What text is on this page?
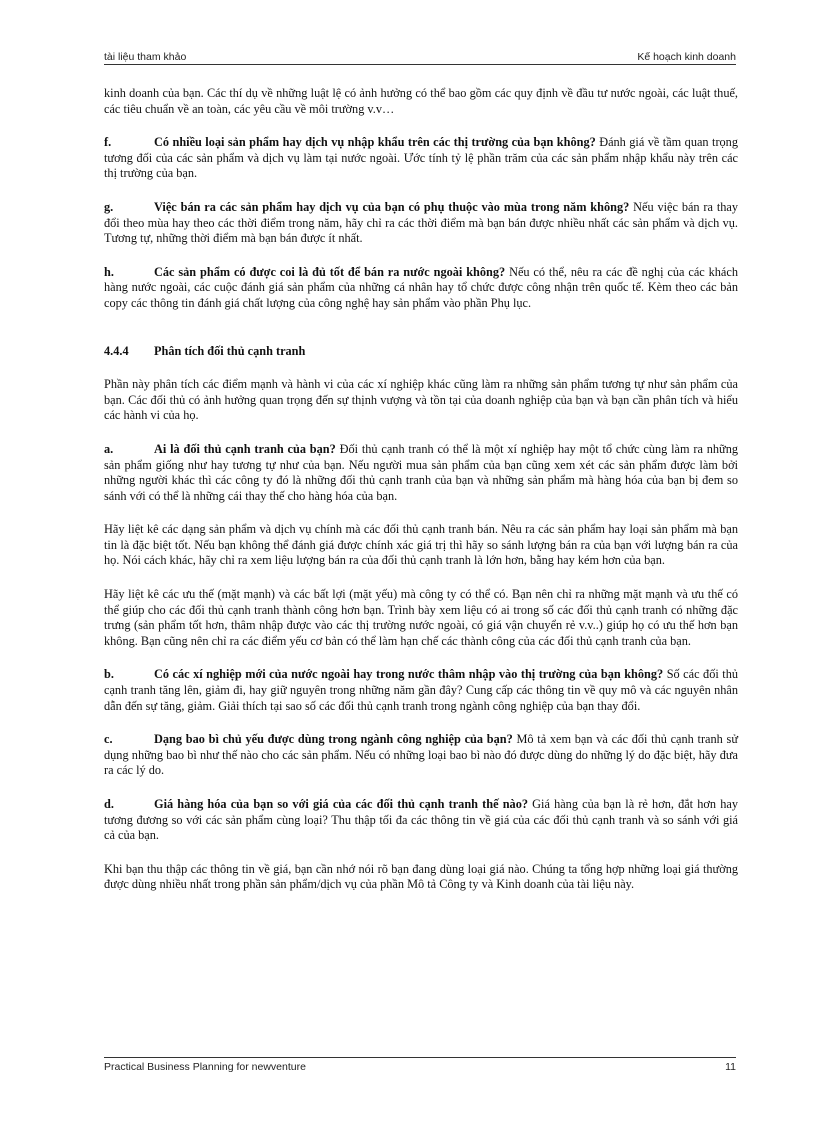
tài liệu tham khảo	Kế hoạch kinh doanh

kinh doanh của bạn. Các thí dụ về những luật lệ có ảnh hưởng có thể bao gồm các quy định về đầu tư nước ngoài, các luật thuế, các tiêu chuẩn về an toàn, các yêu cầu về môi trường v.v…

f.	Có nhiều loại sản phẩm hay dịch vụ nhập khẩu trên các thị trường của bạn không? Đánh giá về tầm quan trọng tương đối của các sản phẩm và dịch vụ làm tại nước ngoài. Ước tính tỷ lệ phần trăm của các sản phẩm nhập khẩu này trên các thị trường của bạn.

g.	Việc bán ra các sản phẩm hay dịch vụ của bạn có phụ thuộc vào mùa trong năm không? Nếu việc bán ra thay đổi theo mùa hay theo các thời điểm trong năm, hãy chỉ ra các thời điểm mà bạn bán được nhiều nhất các sản phẩm và dịch vụ. Tương tự, những thời điểm mà bạn bán được ít nhất.

h.	Các sản phẩm có được coi là đủ tốt để bán ra nước ngoài không? Nếu có thể, nêu ra các đề nghị của các khách hàng nước ngoài, các cuộc đánh giá sản phẩm của những cá nhân hay tổ chức được công nhận trên quốc tế. Kèm theo các bản copy các thông tin đánh giá chất lượng của công nghệ hay sản phẩm vào phần Phụ lục.

4.4.4 Phân tích đối thủ cạnh tranh

Phần này phân tích các điểm mạnh và hành vi của các xí nghiệp khác cũng làm ra những sản phẩm tương tự như sản phẩm của bạn. Các đối thủ có ảnh hưởng quan trọng đến sự thịnh vượng và tồn tại của doanh nghiệp của bạn và bạn cần phân tích và hiểu các hành vi của họ.

a.	Ai là đối thủ cạnh tranh của bạn? Đối thủ cạnh tranh có thể là một xí nghiệp hay một tổ chức cùng làm ra những sản phẩm giống như hay tương tự như của bạn. Nếu người mua sản phẩm của bạn cũng xem xét các sản phẩm được làm bởi những người khác thì các công ty đó là những đối thủ cạnh tranh của bạn và những sản phẩm mà hàng hóa của bạn bị đem so sánh với có thể là những cái thay thế cho hàng hóa của bạn.

Hãy liệt kê các dạng sản phẩm và dịch vụ chính mà các đối thủ cạnh tranh bán. Nêu ra các sản phẩm hay loại sản phẩm mà bạn tin là đặc biệt tốt. Nếu bạn không thể đánh giá được chính xác giá trị thì hãy so sánh lượng bán ra của bạn với lượng bán ra của họ. Nói cách khác, hãy chỉ ra xem liệu lượng bán ra của đối thủ cạnh tranh là lớn hơn, bằng hay kém hơn của bạn.

Hãy liệt kê các ưu thế (mặt mạnh) và các bất lợi (mặt yếu) mà công ty có thể có. Bạn nên chỉ ra những mặt mạnh và ưu thế có thể giúp cho các đối thủ cạnh tranh thành công hơn bạn. Trình bày xem liệu có ai trong số các đối thủ cạnh tranh có những đặc trưng (sản phẩm tốt hơn, thâm nhập được vào các thị trường nước ngoài, có giá vận chuyển rẻ v.v..) giúp họ có ưu thế hơn bạn không. Bạn cũng nên chỉ ra các điểm yếu cơ bản có thể làm hạn chế các thành công của các đối thủ cạnh tranh của bạn.

b.	Có các xí nghiệp mới của nước ngoài hay trong nước thâm nhập vào thị trường của bạn không? Số các đối thủ cạnh tranh tăng lên, giảm đi, hay giữ nguyên trong những năm gần đây? Cung cấp các thông tin về quy mô và các nguyên nhân dẫn đến sự tăng, giảm. Giải thích tại sao số các đối thủ cạnh tranh trong ngành công nghiệp của bạn thay đổi.

c.	Dạng bao bì chủ yếu được dùng trong ngành công nghiệp của bạn? Mô tả xem bạn và các đối thủ cạnh tranh sử dụng những bao bì như thế nào cho các sản phẩm. Nếu có những loại bao bì nào đó được dùng do những lý do đặc biệt, hãy đưa ra các lý do.

d.	Giá hàng hóa của bạn so với giá của các đối thủ cạnh tranh thế nào? Giá hàng của bạn là rẻ hơn, đắt hơn hay tương đương so với các sản phẩm cùng loại? Thu thập tối đa các thông tin về giá của các đối thủ cạnh tranh và so sánh với giá cả của bạn.

Khi bạn thu thập các thông tin về giá, bạn cần nhớ nói rõ bạn đang dùng loại giá nào. Chúng ta tổng hợp những loại giá thường được dùng nhiều nhất trong phần sản phẩm/dịch vụ của phần Mô tả Công ty và Kinh doanh của tài liệu này.

Practical Business Planning for newventure	11
